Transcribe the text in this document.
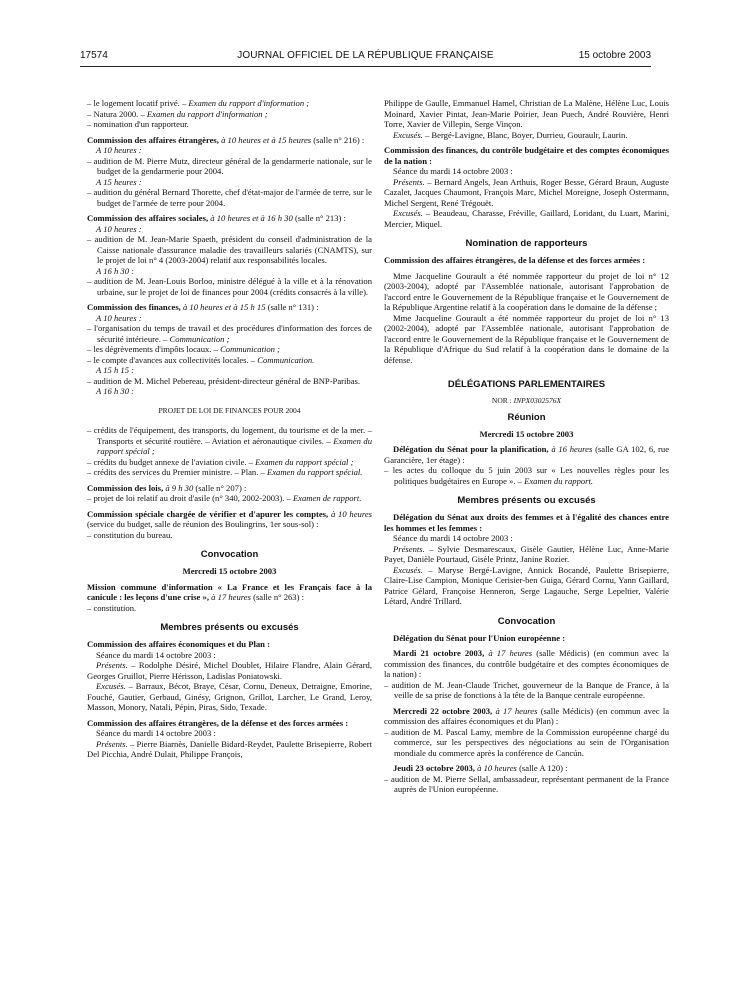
17574	JOURNAL OFFICIEL DE LA RÉPUBLIQUE FRANÇAISE	15 octobre 2003

– le logement locatif privé. – Examen du rapport d'information ;

– Natura 2000. – Examen du rapport d'information ;

– nomination d'un rapporteur.

Commission des affaires étrangères, à 10 heures et à 15 heures (salle n° 216) :

A 10 heures :

– audition de M. Pierre Mutz, directeur général de la gendarmerie nationale, sur le budget de la gendarmerie pour 2004.

A 15 heures :

– audition du général Bernard Thorette, chef d'état-major de l'armée de terre, sur le budget de l'armée de terre pour 2004.

Commission des affaires sociales, à 10 heures et à 16 h 30 (salle n° 213) :

A 10 heures :

– audition de M. Jean-Marie Spaeth, président du conseil d'administration de la Caisse nationale d'assurance maladie des travailleurs salariés (CNAMTS), sur le projet de loi n° 4 (2003-2004) relatif aux responsabilités locales.

A 16 h 30 :

– audition de M. Jean-Louis Borloo, ministre délégué à la ville et à la rénovation urbaine, sur le projet de loi de finances pour 2004 (crédits consacrés à la ville).

Commission des finances, à 10 heures et à 15 h 15 (salle n° 131) :

A 10 heures :

– l'organisation du temps de travail et des procédures d'information des forces de sécurité intérieure. – Communication ;

– les dégrèvements d'impôts locaux. – Communication ;

– le compte d'avances aux collectivités locales. – Communication.

A 15 h 15 :

– audition de M. Michel Pebereau, président-directeur général de BNP-Paribas.

A 16 h 30 :

PROJET DE LOI DE FINANCES POUR 2004

– crédits de l'équipement, des transports, du logement, du tourisme et de la mer. – Transports et sécurité routière. – Aviation et aéronautique civiles. – Examen du rapport spécial ;

– crédits du budget annexe de l'aviation civile. – Examen du rapport spécial ;

– crédits des services du Premier ministre. – Plan. – Examen du rapport spécial.

Commission des lois, à 9 h 30 (salle n° 207) :

– projet de loi relatif au droit d'asile (n° 340, 2002-2003). – Examen de rapport.

Commission spéciale chargée de vérifier et d'apurer les comptes, à 10 heures (service du budget, salle de réunion des Boulingrins, 1er sous-sol) :

– constitution du bureau.

Convocation

Mercredi 15 octobre 2003

Mission commune d'information « La France et les Français face à la canicule : les leçons d'une crise », à 17 heures (salle n° 263) :

– constitution.

Membres présents ou excusés

Commission des affaires économiques et du Plan :

Séance du mardi 14 octobre 2003 :

Présents. – Rodolphe Désiré, Michel Doublet, Hilaire Flandre, Alain Gérard, Georges Gruillot, Pierre Hérisson, Ladislas Poniatowski.

Excusés. – Barraux, Bécot, Braye, César, Cornu, Deneux, Detraigne, Emorine, Fouché, Gautier, Gerbaud, Ginésy, Grignon, Grillot, Larcher, Le Grand, Leroy, Masson, Monory, Natali, Pépin, Piras, Sido, Texade.

Commission des affaires étrangères, de la défense et des forces armées :

Séance du mardi 14 octobre 2003 :

Présents. – Pierre Biarnès, Danielle Bidard-Reydet, Paulette Brisepierre, Robert Del Picchia, André Dulait, Philippe François,

Philippe de Gaulle, Emmanuel Hamel, Christian de La Malène, Hélène Luc, Louis Moinard, Xavier Pintat, Jean-Marie Poirier, Jean Puech, André Rouvière, Henri Torre, Xavier de Villepin, Serge Vinçon.

Excusés. – Bergé-Lavigne, Blanc, Boyer, Durrieu, Gouraulr, Laurin.

Commission des finances, du contrôle budgétaire et des comptes économiques de la nation :

Séance du mardi 14 octobre 2003 :

Présents. – Bernard Angels, Jean Arthuis, Roger Besse, Gérard Braun, Auguste Cazalet, Jacques Chaumont, François Marc, Michel Moreigne, Joseph Ostermann, Michel Sergent, René Trégouët.

Excusés. – Beaudeau, Charasse, Fréville, Gaillard, Loridant, du Luart, Marini, Mercier, Miquel.

Nomination de rapporteurs

Commission des affaires étrangères, de la défense et des forces armées :

Mme Jacqueline Gourault a été nommée rapporteur du projet de loi n° 12 (2003-2004), adopté par l'Assemblée nationale, autorisant l'approbation de l'accord entre le Gouvernement de la République française et le Gouvernement de la République Argentine relatif à la coopération dans le domaine de la défense ;

Mme Jacqueline Gourault a été nommée rapporteur du projet de loi n° 13 (2002-2004), adopté par l'Assemblée nationale, autorisant l'approbation de l'accord entre le Gouvernement de la République française et le Gouvernement de la République d'Afrique du Sud relatif à la coopération dans le domaine de la défense.

DÉLÉGATIONS PARLEMENTAIRES

NOR : INPX0302576X

Réunion

Mercredi 15 octobre 2003

Délégation du Sénat pour la planification, à 16 heures (salle GA 102, 6, rue Garancière, 1er étage) :

– les actes du colloque du 5 juin 2003 sur « Les nouvelles règles pour les politiques budgétaires en Europe ». – Examen du rapport.

Membres présents ou excusés

Délégation du Sénat aux droits des femmes et à l'égalité des chances entre les hommes et les femmes :

Séance du mardi 14 octobre 2003 :

Présents. – Sylvie Desmarescaux, Gisèle Gautier, Hélène Luc, Anne-Marie Payet, Danièle Pourtaud, Gisèle Printz, Janine Rozier.

Excusés. – Maryse Bergé-Lavigne, Annick Bocandé, Paulette Brisepierre, Claire-Lise Campion, Monique Cerisier-ben Guiga, Gérard Cornu, Yann Gaillard, Patrice Gélard, Françoise Henneron, Serge Lagauche, Serge Lepeltier, Valérie Létard, André Trillard.

Convocation

Délégation du Sénat pour l'Union européenne :

Mardi 21 octobre 2003, à 17 heures (salle Médicis) (en commun avec la commission des finances, du contrôle budgétaire et des comptes économiques de la nation) :

– audition de M. Jean-Claude Trichet, gouverneur de la Banque de France, à la veille de sa prise de fonctions à la tête de la Banque centrale européenne.

Mercredi 22 octobre 2003, à 17 heures (salle Médicis) (en commun avec la commission des affaires économiques et du Plan) :

– audition de M. Pascal Lamy, membre de la Commission européenne chargé du commerce, sur les perspectives des négociations au sein de l'Organisation mondiale du commerce après la conférence de Cancún.

Jeudi 23 octobre 2003, à 10 heures (salle A 120) :

– audition de M. Pierre Sellal, ambassadeur, représentant permanent de la France auprès de l'Union européenne.
